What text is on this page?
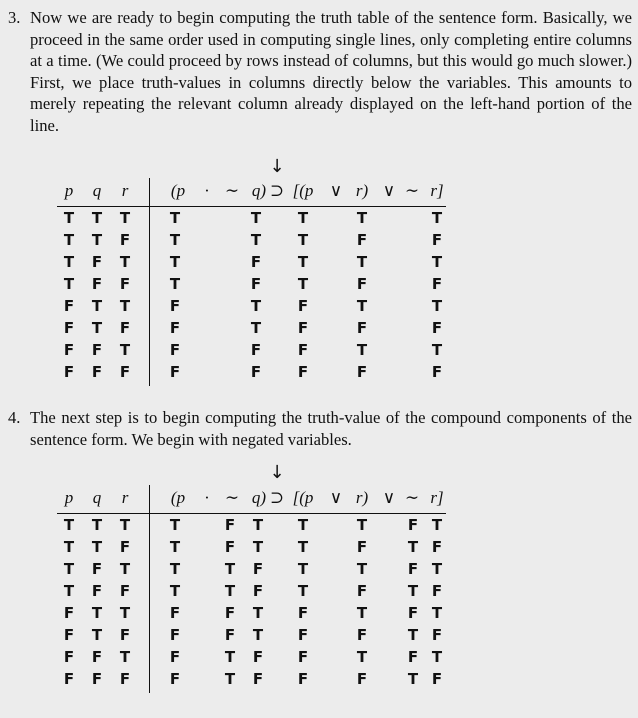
3. Now we are ready to begin computing the truth table of the sentence form. Basically, we proceed in the same order used in computing single lines, only completing entire columns at a time. (We could proceed by rows instead of columns, but this would go much slower.) First, we place truth-values in columns directly below the variables. This amounts to merely repeating the relevant column already displayed on the left-hand portion of the line.
↓
p q r	(p · ∼ q) ⊃ [(p ∨ r) ∨ ∼ r]
T T T	T	T T	T	T
T T F	T	T T	F	F
T F T	T	F T	T	T
T F F	T	F T	F	F
F T T	F	T F	T	T
F T F	F	T F	F	F
F F T	F	F F	T	T
F F F	F	F F	F	F
4. The next step is to begin computing the truth-value of the compound components of the sentence form. We begin with negated variables.
↓
p q r	(p · ∼ q) ⊃ [(p ∨ r) ∨ ∼ r]
T T T	T	F T T	T	F T
T T F	T	F T T	F	T F
T F T	T	T F T	T	F T
T F F	T	T F T	F	T F
F T T	F	F T F	T	F T
F T F	F	F T F	F	T F
F F T	F	T F F	T	F T
F F F	F	T F F	F	T F
